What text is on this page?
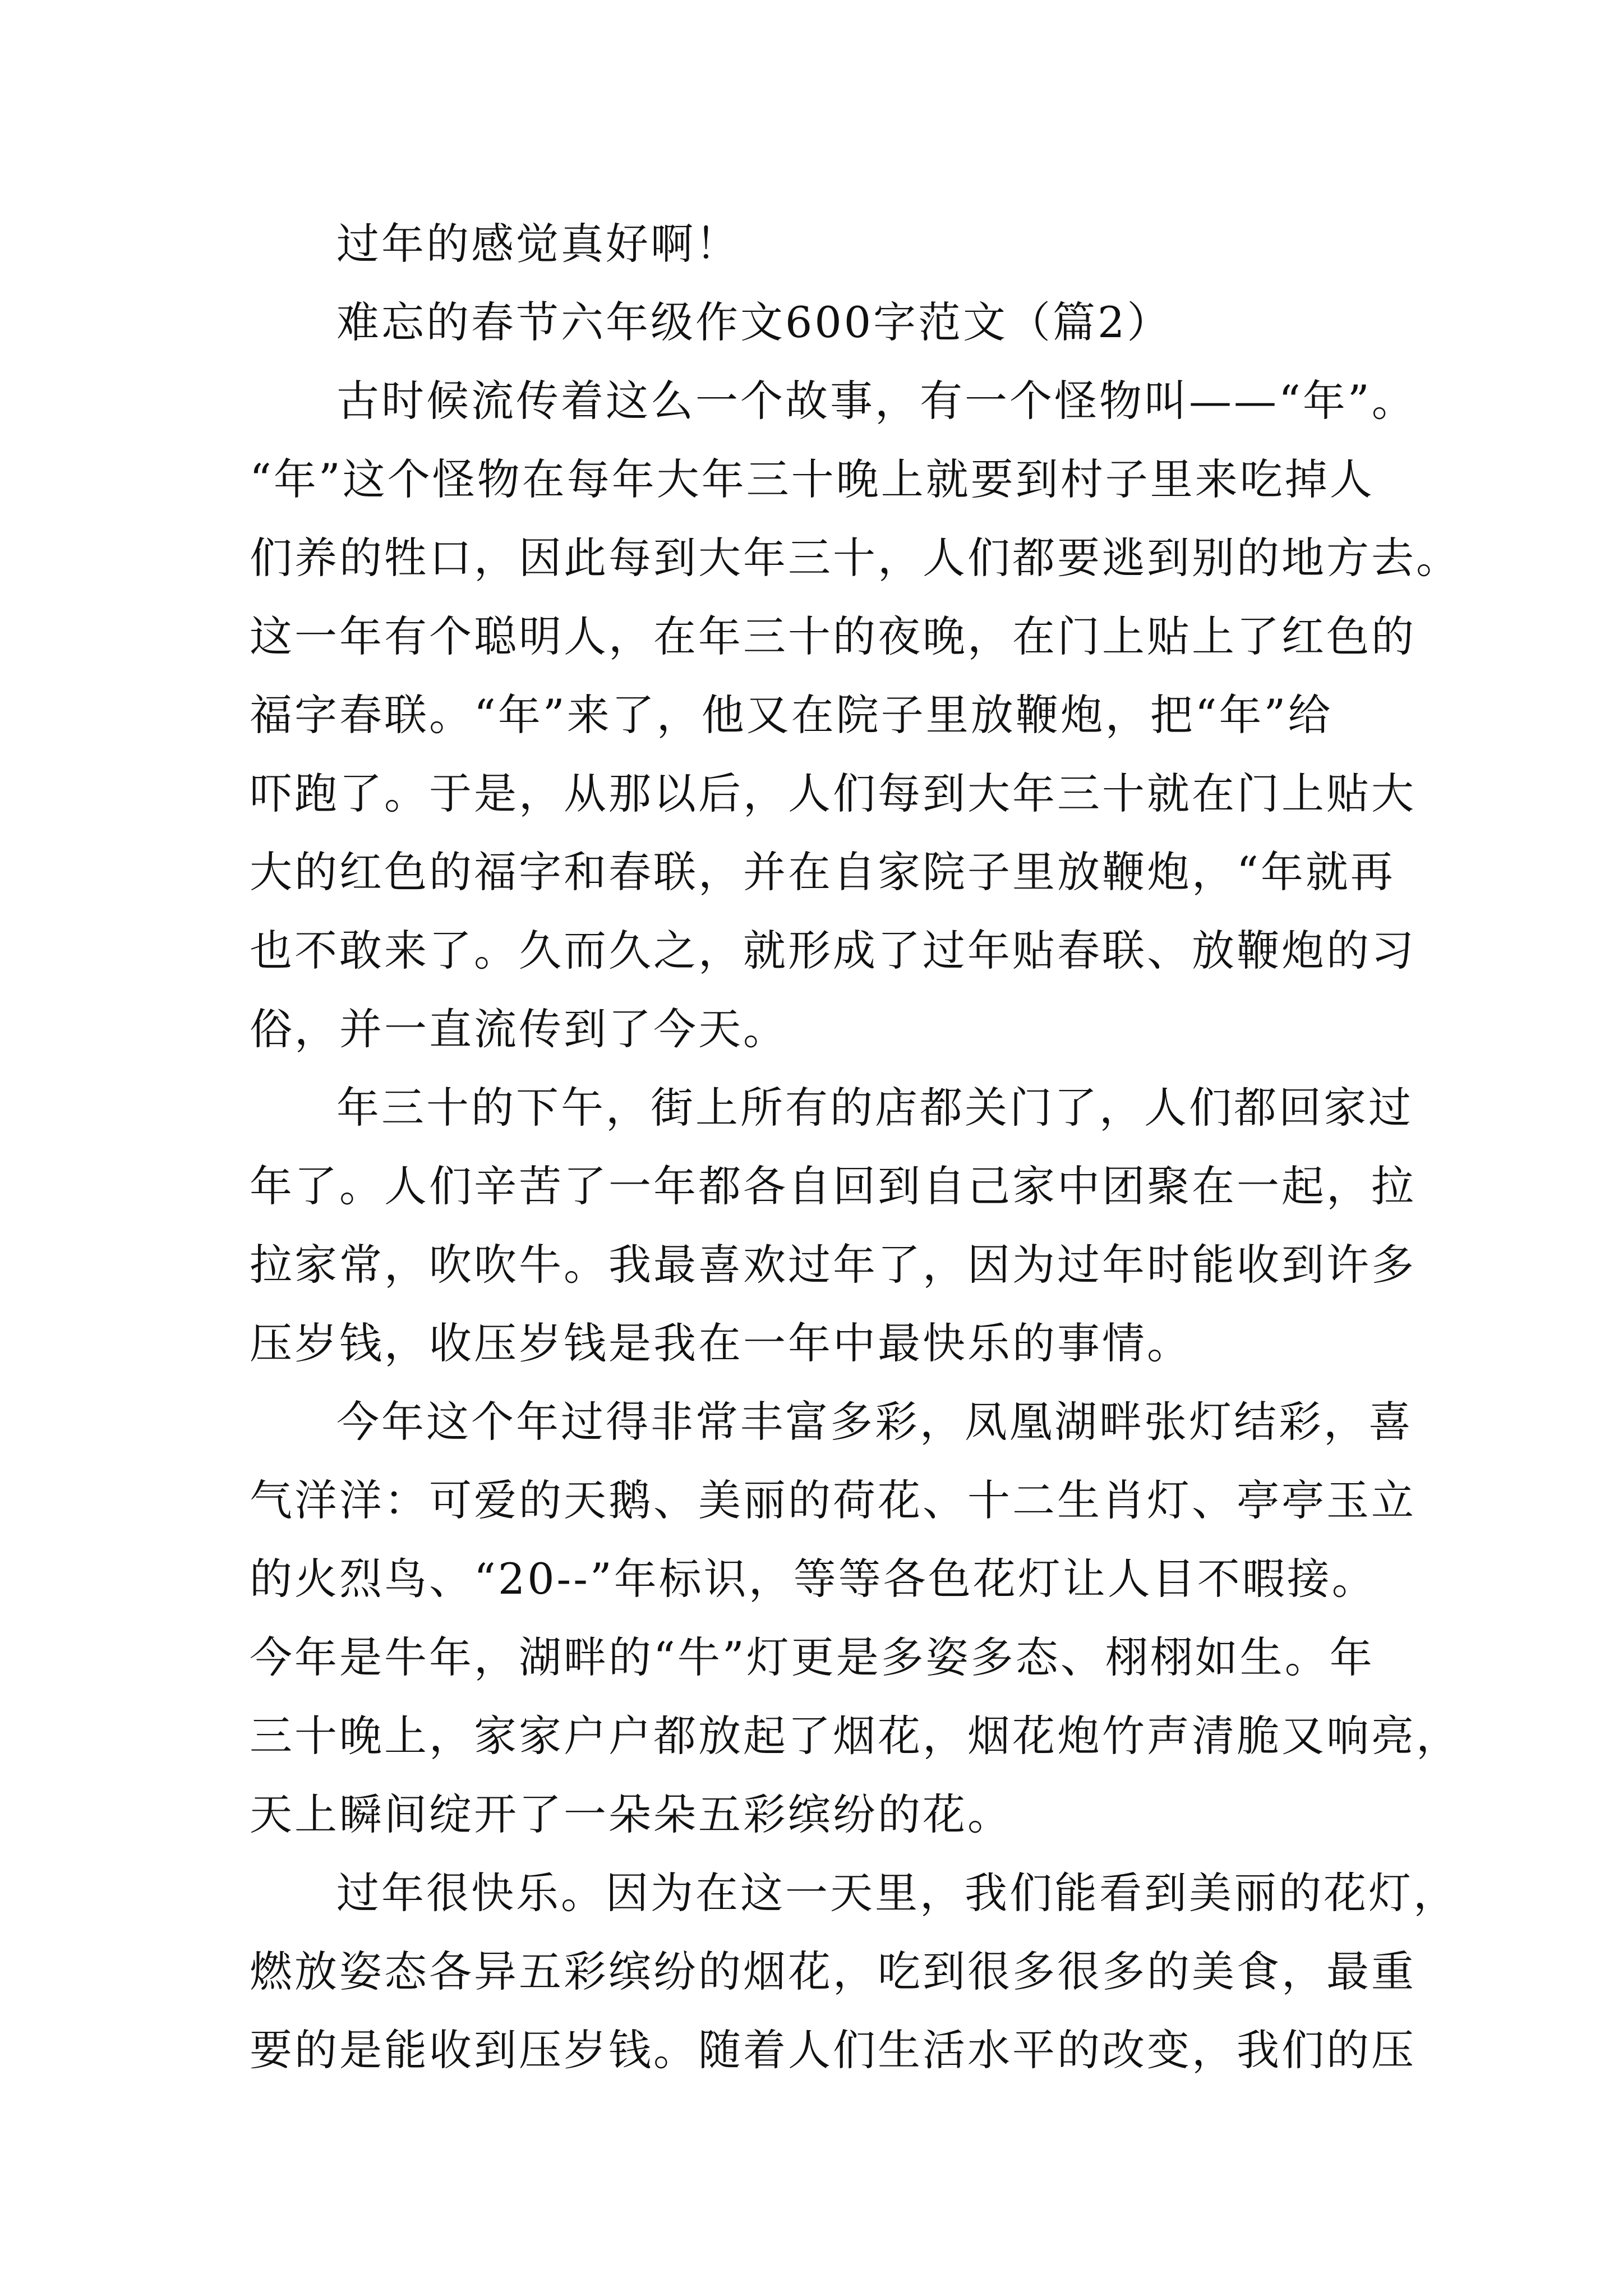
过年的感觉真好啊！
难忘的春节六年级作文600字范文（篇2）
古时候流传着这么一个故事，有一个怪物叫——“年”。
“年”这个怪物在每年大年三十晚上就要到村子里来吃掉人
们养的牲口，因此每到大年三十，人们都要逃到别的地方去。
这一年有个聪明人，在年三十的夜晚，在门上贴上了红色的
福字春联。“年”来了，他又在院子里放鞭炮，把“年”给
吓跑了。于是，从那以后，人们每到大年三十就在门上贴大
大的红色的福字和春联，并在自家院子里放鞭炮，“年就再
也不敢来了。久而久之，就形成了过年贴春联、放鞭炮的习
俗，并一直流传到了今天。
年三十的下午，街上所有的店都关门了，人们都回家过
年了。人们辛苦了一年都各自回到自己家中团聚在一起，拉
拉家常，吹吹牛。我最喜欢过年了，因为过年时能收到许多
压岁钱，收压岁钱是我在一年中最快乐的事情。
今年这个年过得非常丰富多彩，凤凰湖畔张灯结彩，喜
气洋洋：可爱的天鹅、美丽的荷花、十二生肖灯、亭亭玉立
的火烈鸟、“20--”年标识，等等各色花灯让人目不暇接。
今年是牛年，湖畔的“牛”灯更是多姿多态、栩栩如生。年
三十晚上，家家户户都放起了烟花，烟花炮竹声清脆又响亮，
天上瞬间绽开了一朵朵五彩缤纷的花。
过年很快乐。因为在这一天里，我们能看到美丽的花灯，
燃放姿态各异五彩缤纷的烟花，吃到很多很多的美食，最重
要的是能收到压岁钱。随着人们生活水平的改变，我们的压
